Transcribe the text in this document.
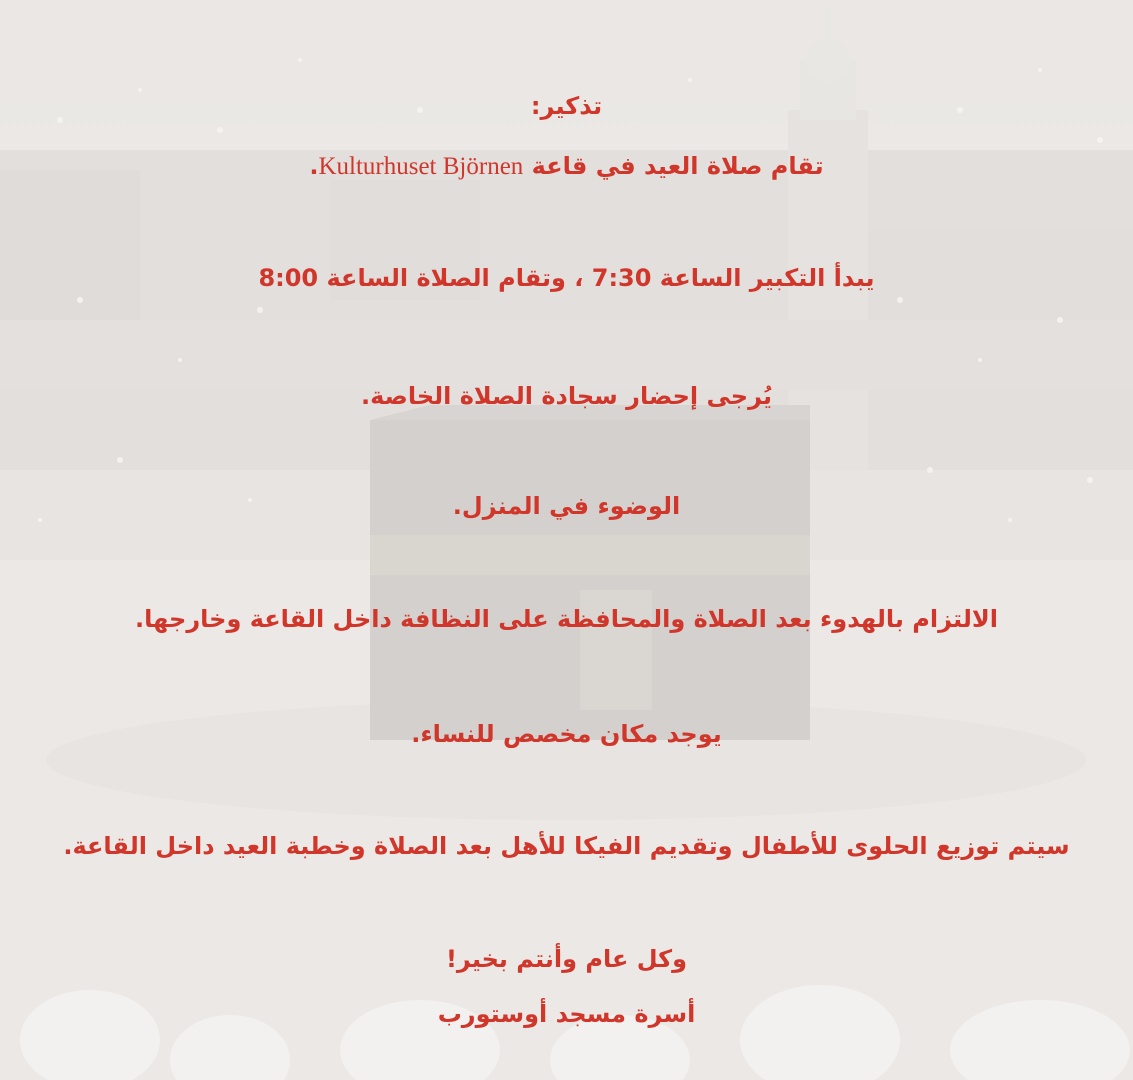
تذكير:
تقام صلاة العيد في قاعة Kulturhuset Björnen.
يبدأ التكبير الساعة 7:30 ، وتقام الصلاة الساعة 8:00
يُرجى إحضار سجادة الصلاة الخاصة.
الوضوء في المنزل.
الالتزام بالهدوء بعد الصلاة والمحافظة على النظافة داخل القاعة وخارجها.
يوجد مكان مخصص للنساء.
سيتم توزيع الحلوى للأطفال وتقديم الفيكا للأهل بعد الصلاة وخطبة العيد داخل القاعة.
وكل عام وأنتم بخير!
أسرة مسجد أوستورب
